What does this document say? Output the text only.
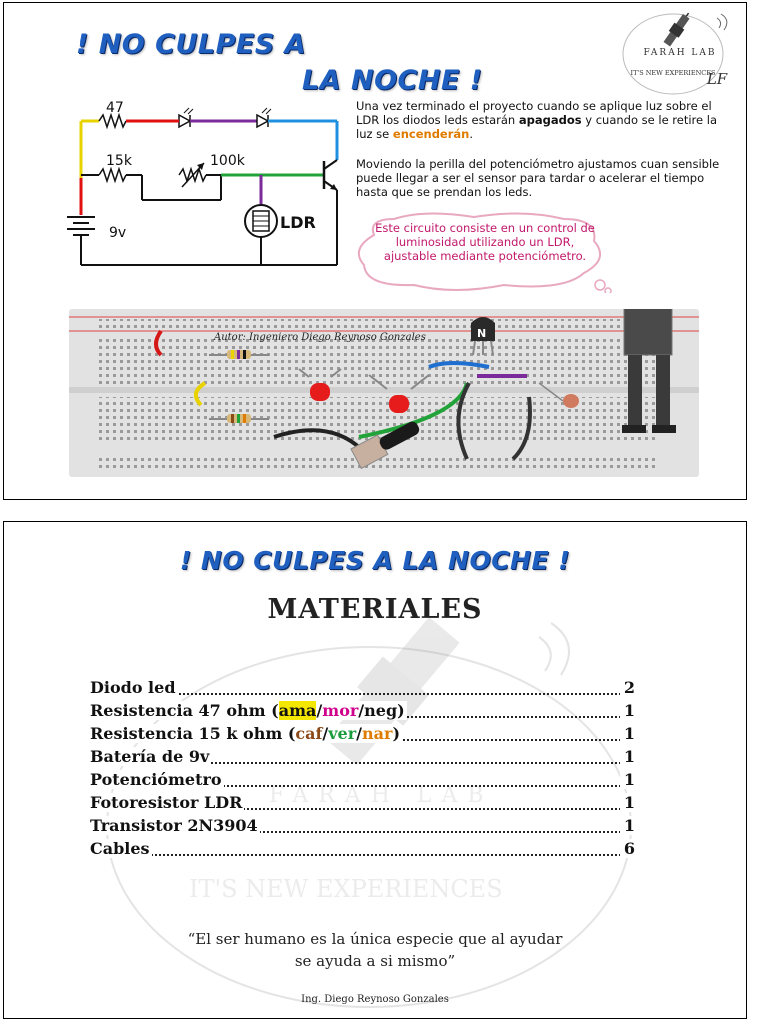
! NO CULPES A
LA NOCHE !
FARAH LAB
IT'S NEW EXPERIENCES
LF
47
15k	100k
9v
LDR

Una vez terminado el proyecto cuando se aplique luz sobre el LDR los diodos leds estarán apagados y cuando se le retire la luz se encenderán.

Moviendo la perilla del potenciómetro ajustamos cuan sensible puede llegar a ser el sensor para tardar o acelerar el tiempo hasta que se prendan los leds.

Este circuito consiste en un control de luminosidad utilizando un LDR, ajustable mediante potenciómetro.
N
Autor: Ingeniero Diego Reynoso Gonzales
FARAH LAB
IT'S NEW EXPERIENCES
! NO CULPES A LA NOCHE !
MATERIALES
Diodo led	2
Resistencia 47 ohm (ama/mor/neg)	1
Resistencia 15 k ohm (caf/ver/nar)	1
Batería de 9v	1
Potenciómetro	1
Fotoresistor LDR	1
Transistor 2N3904	1
Cables	6

“El ser humano es la única especie que al ayudar
se ayuda a si mismo”

Ing. Diego Reynoso Gonzales
